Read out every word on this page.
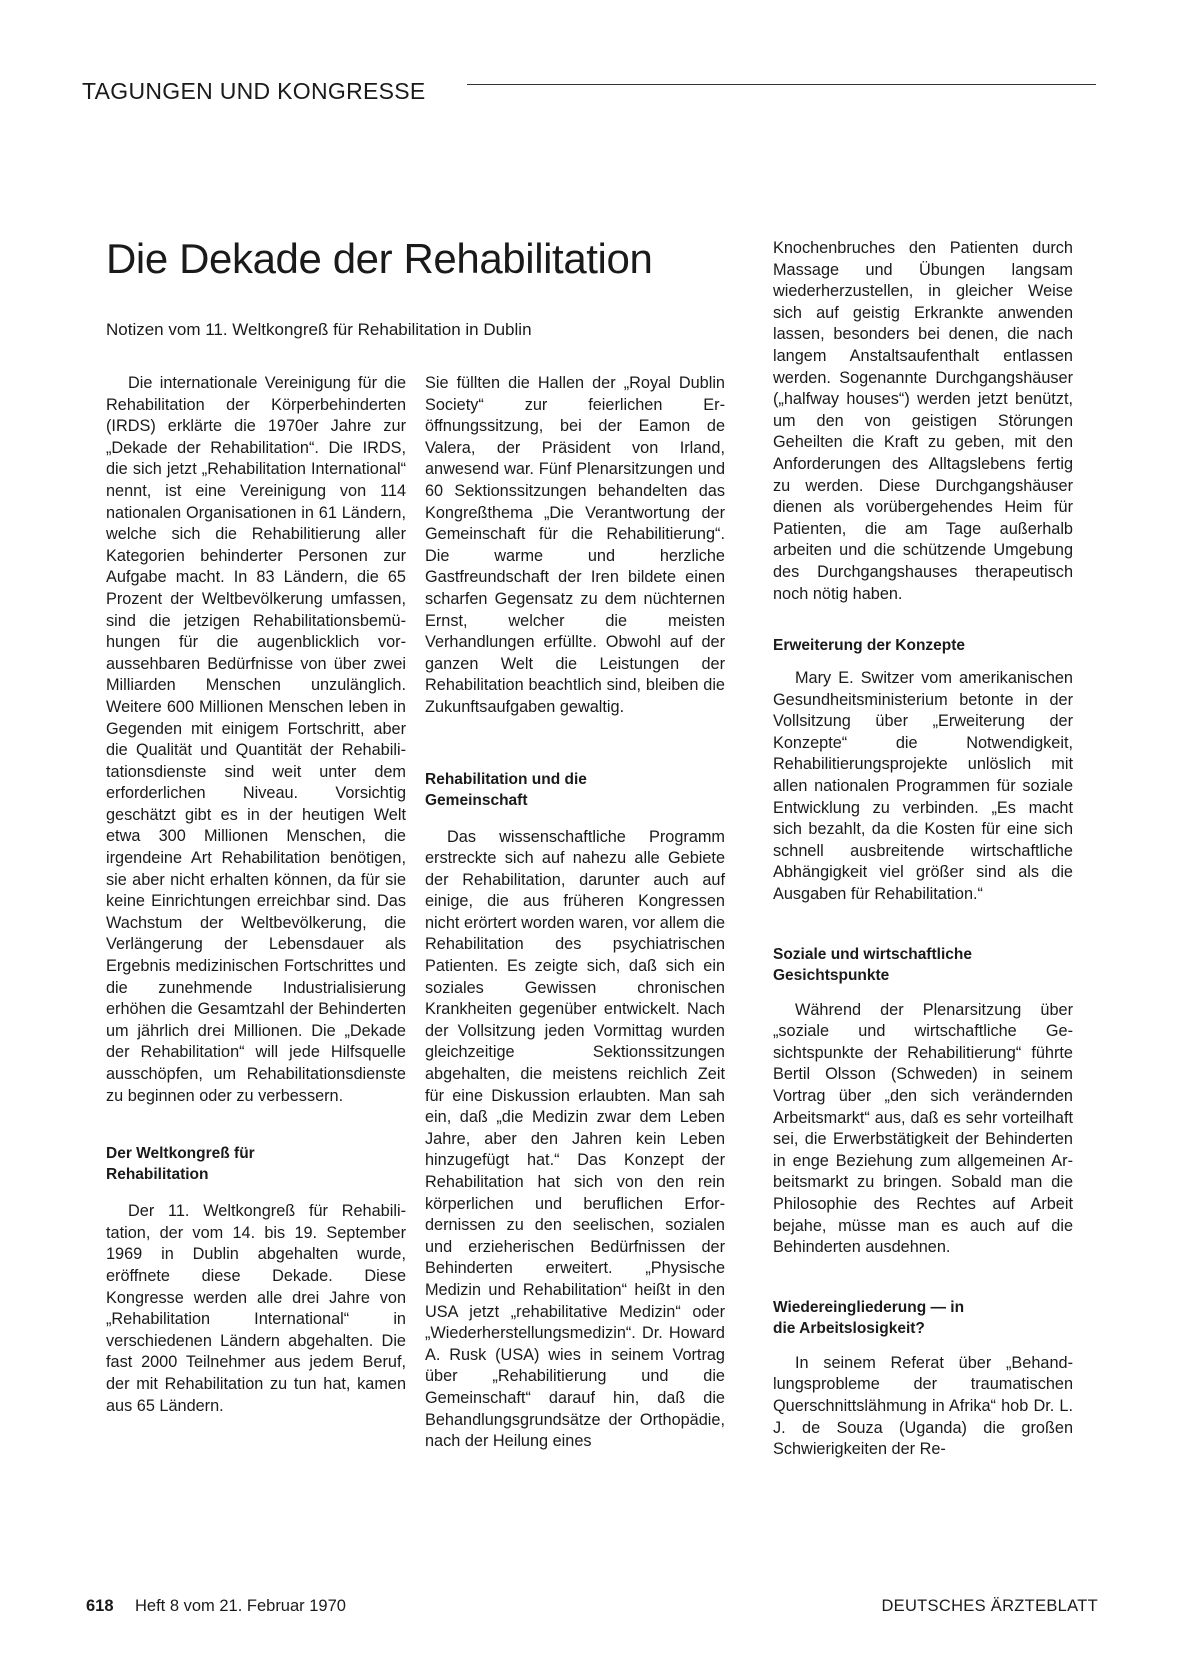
TAGUNGEN UND KONGRESSE
Die Dekade der Rehabilitation
Notizen vom 11. Weltkongreß für Rehabilitation in Dublin

Die internationale Vereinigung für die Rehabilitation der Körperbehinderten (IRDS) erklärte die 1970er Jahre zur „Dekade der Rehabilitation“. Die IRDS, die sich jetzt „Rehabilitation International“ nennt, ist eine Vereinigung von 114 nationalen Organisationen in 61 Ländern, welche sich die Rehabilitierung aller Kategorien behinderter Personen zur Aufgabe macht. In 83 Ländern, die 65 Prozent der Weltbevölkerung umfassen, sind die jetzigen Rehabilitationsbemühungen für die augenblicklich voraussehbaren Bedürfnisse von über zwei Milliarden Menschen unzulänglich. Weitere 600 Millionen Menschen leben in Gegenden mit einigem Fortschritt, aber die Qualität und Quantität der Rehabilitationsdienste sind weit unter dem erforderlichen Niveau. Vorsichtig geschätzt gibt es in der heutigen Welt etwa 300 Millionen Menschen, die irgendeine Art Rehabilitation benötigen, sie aber nicht erhalten können, da für sie keine Einrichtungen erreichbar sind. Das Wachstum der Weltbevölkerung, die Verlängerung der Lebensdauer als Ergebnis medizinischen Fortschrittes und die zunehmende Industrialisierung erhöhen die Gesamtzahl der Behinderten um jährlich drei Millionen. Die „Dekade der Rehabilitation“ will jede Hilfsquelle ausschöpfen, um Rehabilitationsdienste zu beginnen oder zu verbessern.

Der Weltkongreß für Rehabilitation

Der 11. Weltkongreß für Rehabilitation, der vom 14. bis 19. September 1969 in Dublin abgehalten wurde, eröffnete diese Dekade. Diese Kongresse werden alle drei Jahre von „Rehabilitation International“ in verschiedenen Ländern abgehalten. Die fast 2000 Teilnehmer aus jedem Beruf, der mit Rehabilitation zu tun hat, kamen aus 65 Ländern.

Sie füllten die Hallen der „Royal Dublin Society“ zur feierlichen Eröffnungssitzung, bei der Eamon de Valera, der Präsident von Irland, anwesend war. Fünf Plenarsitzungen und 60 Sektionssitzungen behandelten das Kongreßthema „Die Verantwortung der Gemeinschaft für die Rehabilitierung“. Die warme und herzliche Gastfreundschaft der Iren bildete einen scharfen Gegensatz zu dem nüchternen Ernst, welcher die meisten Verhandlungen erfüllte. Obwohl auf der ganzen Welt die Leistungen der Rehabilitation beachtlich sind, bleiben die Zukunftsaufgaben gewaltig.

Rehabilitation und die Gemeinschaft

Das wissenschaftliche Programm erstreckte sich auf nahezu alle Gebiete der Rehabilitation, darunter auch auf einige, die aus früheren Kongressen nicht erörtert worden waren, vor allem die Rehabilitation des psychiatrischen Patienten. Es zeigte sich, daß sich ein soziales Gewissen chronischen Krankheiten gegenüber entwickelt. Nach der Vollsitzung jeden Vormittag wurden gleichzeitige Sektionssitzungen abgehalten, die meistens reichlich Zeit für eine Diskussion erlaubten. Man sah ein, daß „die Medizin zwar dem Leben Jahre, aber den Jahren kein Leben hinzugefügt hat.“ Das Konzept der Rehabilitation hat sich von den rein körperlichen und beruflichen Erfordernissen zu den seelischen, sozialen und erzieherischen Bedürfnissen der Behinderten erweitert. „Physische Medizin und Rehabilitation“ heißt in den USA jetzt „rehabilitative Medizin“ oder „Wiederherstellungsmedizin“. Dr. Howard A. Rusk (USA) wies in seinem Vortrag über „Rehabilitierung und die Gemeinschaft“ darauf hin, daß die Behandlungsgrundsätze der Orthopädie, nach der Heilung eines

Knochenbruches den Patienten durch Massage und Übungen langsam wiederherzustellen, in gleicher Weise sich auf geistig Erkrankte anwenden lassen, besonders bei denen, die nach langem Anstaltsaufenthalt entlassen werden. Sogenannte Durchgangshäuser („halfway houses“) werden jetzt benützt, um den von geistigen Störungen Geheilten die Kraft zu geben, mit den Anforderungen des Alltagslebens fertig zu werden. Diese Durchgangshäuser dienen als vorübergehendes Heim für Patienten, die am Tage außerhalb arbeiten und die schützende Umgebung des Durchgangshauses therapeutisch noch nötig haben.

Erweiterung der Konzepte

Mary E. Switzer vom amerikanischen Gesundheitsministerium betonte in der Vollsitzung über „Erweiterung der Konzepte“ die Notwendigkeit, Rehabilitierungsprojekte unlöslich mit allen nationalen Programmen für soziale Entwicklung zu verbinden. „Es macht sich bezahlt, da die Kosten für eine sich schnell ausbreitende wirtschaftliche Abhängigkeit viel größer sind als die Ausgaben für Rehabilitation.“

Soziale und wirtschaftliche Gesichtspunkte

Während der Plenarsitzung über „soziale und wirtschaftliche Gesichtspunkte der Rehabilitierung“ führte Bertil Olsson (Schweden) in seinem Vortrag über „den sich verändernden Arbeitsmarkt“ aus, daß es sehr vorteilhaft sei, die Erwerbstätigkeit der Behinderten in enge Beziehung zum allgemeinen Arbeitsmarkt zu bringen. Sobald man die Philosophie des Rechtes auf Arbeit bejahe, müsse man es auch auf die Behinderten ausdehnen.

Wiedereingliederung — in die Arbeitslosigkeit?

In seinem Referat über „Behandlungsprobleme der traumatischen Querschnittslähmung in Afrika“ hob Dr. L. J. de Souza (Uganda) die großen Schwierigkeiten der Re-

618 Heft 8 vom 21. Februar 1970	DEUTSCHES ÄRZTEBLATT
